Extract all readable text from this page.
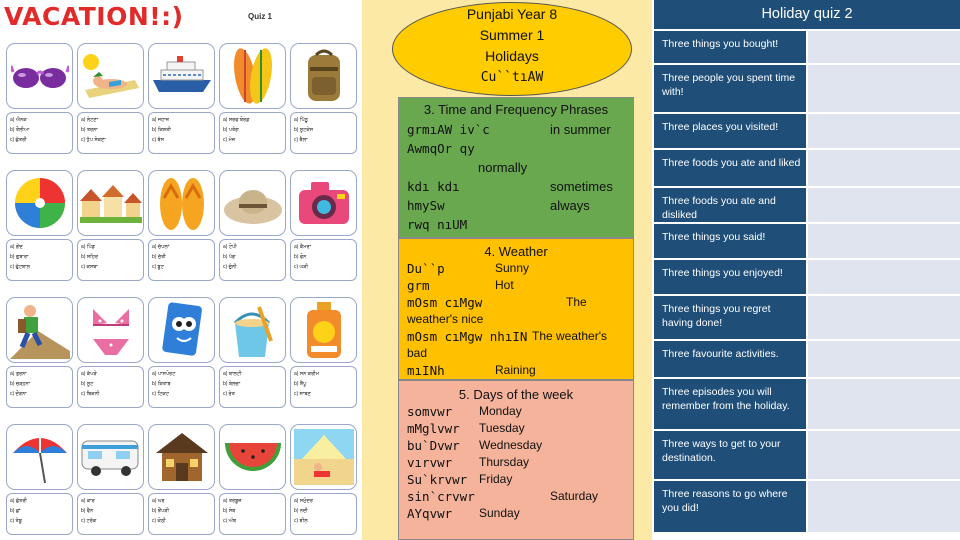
VACATION!:)	Quiz 1
a) ਐਨਕ
b) ਤੌਲੀਆ
c) ਛੱਤਰੀ
a) ਲੇਟਣਾ
b) ਤਰਨਾ
c) ਧੁੱਪ ਸੇਕਣਾ
a) ਜਹਾਜ਼
b) ਕਿਸ਼ਤੀ
c) ਬੱਸ
a) ਸਰਫ ਬੋਰਡ
b) ਪਤੰਗ
c) ਮੇਜ਼
a) ਪਿੱਠੂ
b) ਸੂਟਕੇਸ
c) ਥੈਲਾ
a) ਗੇਂਦ
b) ਗੁਬਾਰਾ
c) ਫੁੱਟਬਾਲ
a) ਪਿੰਡ
b) ਸ਼ਹਿਰ
c) ਕਸਬਾ
a) ਚੱਪਲਾਂ
b) ਜੁੱਤੀ
c) ਬੂਟ
a) ਟੋਪੀ
b) ਪੱਗ
c) ਚੁੰਨੀ
a) ਕੈਮਰਾ
b) ਫੋਨ
c) ਘੜੀ
a) ਤੁਰਨਾ
b) ਚੜ੍ਹਨਾ
c) ਦੌੜਨਾ
a) ਕੱਪੜੇ
b) ਸੂਟ
c) ਬਿਕਨੀ
a) ਪਾਸਪੋਰਟ
b) ਕਿਤਾਬ
c) ਟਿਕਟ
a) ਬਾਲਟੀ
b) ਬੇਲਚਾ
c) ਰੇਤ
a) ਸਨ ਕਰੀਮ
b) ਸ਼ੈਂਪੂ
c) ਸਾਬਣ
a) ਛੱਤਰੀ
b) ਛਾਂ
c) ਤੰਬੂ
a) ਕਾਰ
b) ਵੈਨ
c) ਟਰੱਕ
a) ਘਰ
b) ਝੌਂਪੜੀ
c) ਕੋਠੀ
a) ਤਰਬੂਜ਼
b) ਸੇਬ
c) ਅੰਬ
a) ਸਮੁੰਦਰ
b) ਨਦੀ
c) ਝੀਲ
Punjabi Year 8
Summer 1
Holidays
Cu``tıAW
3. Time and Frequency Phrases
grmıAW iv`c	in summer
AwmqOr qy
normally
kdı kdı	sometimes
hmySw	always
rwq nıUM
4. Weather
Du``p	Sunny
grm	Hot
mOsm cıMgw	The
weather's nice
mOsm cıMgw nhıIN The weather's
bad
mıINh	Raining
5. Days of the week
somvwr Monday
mMglvwr Tuesday
bu`Dvwr Wednesday
vırvwr Thursday
Su`krvwr Friday
sin`crvwr	Saturday
AYqvwr Sunday
Holiday quiz 2
Three things you bought!
Three people you spent time with!
Three places you visited!
Three foods you ate and liked
Three foods you ate and disliked
Three things you said!
Three things you enjoyed!
Three things you regret having done!
Three favourite activities.
Three episodes you will remember from the holiday.
Three ways to get to your destination.
Three reasons to go where you did!
